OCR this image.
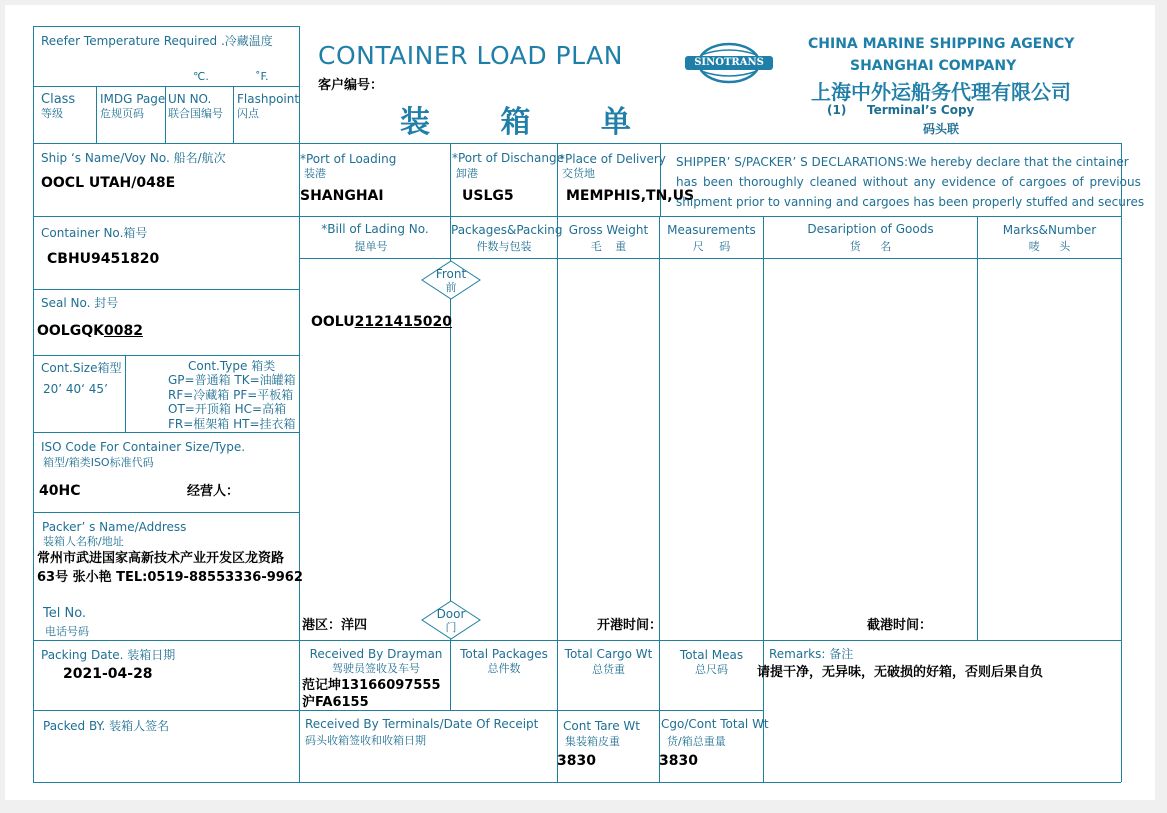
Reefer Temperature Required .冷藏温度
℃.	˚F.
Class
等级
IMDG Page
危规页码
UN NO.
联合国编号
Flashpoint
闪点
CONTAINER LOAD PLAN
客户编号：
装 箱 单
SINOTRANS
CHINA MARINE SHIPPING AGENCY
SHANGHAI COMPANY
上海中外运船务代理有限公司
(1) Terminal’s Copy
码头联
Ship ‘s Name/Voy No. 船名/航次
OOCL UTAH/048E
*Port of Loading
装港
SHANGHAI
*Port of Dischange
卸港
USLG5
*Place of Delivery
交货地
MEMPHIS,TN,US
SHIPPER’ S/PACKER’ S DECLARATIONS:We hereby declare that the cintainer
has been thoroughly cleaned without any evidence of cargoes of previous
shipment prior to vanning and cargoes has been properly stuffed and secures
Container No.箱号
CBHU9451820
Seal No. 封号
OOLGQK0082
Cont.Size箱型
20’ 40‘ 45’
Cont.Type 箱类
GP=普通箱 TK=油罐箱
RF=冷藏箱 PF=平板箱
OT=开顶箱 HC=高箱
FR=框架箱 HT=挂衣箱
ISO Code For Container Size/Type.
箱型/箱类ISO标准代码
40HC	经营人：
Packer’ s Name/Address
装箱人名称/地址
常州市武进国家高新技术产业开发区龙资路
63号 张小艳 TEL:0519-88553336-9962
Tel No.
电话号码
*Bill of Lading No.
提单号
Packages&Packing
件数与包装
Gross Weight
毛 重
Measurements
尺 码
Desaription of Goods
货 名
Marks&Number
唛 头
Front
前
OOLU2121415020
Door
门
港区：洋四	开港时间：	截港时间：
Packing Date. 装箱日期
2021-04-28
Received By Drayman
驾驶员签收及车号
范记坤13166097555
沪FA6155
Total Packages
总件数
Total Cargo Wt
总货重
Total Meas
总尺码
Remarks: 备注
请提干净，无异味，无破损的好箱，否则后果自负
Packed BY. 装箱人签名	Received By Terminals/Date Of Receipt
码头收箱签收和收箱日期
Cont Tare Wt
集装箱皮重
3830
Cgo/Cont Total Wt
货/箱总重量
3830
